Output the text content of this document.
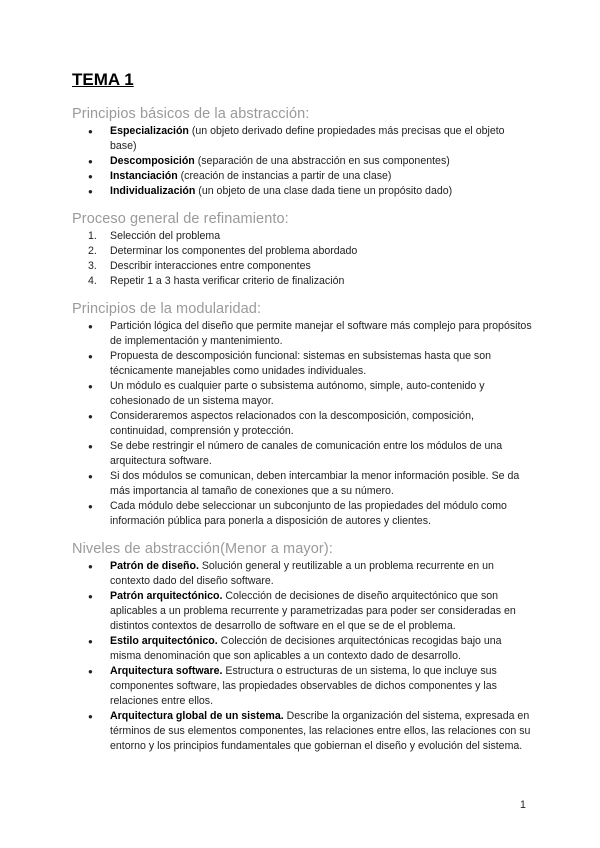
TEMA 1
Principios básicos de la abstracción:
● Especialización (un objeto derivado define propiedades más precisas que el objeto base)
● Descomposición (separación de una abstracción en sus componentes)
● Instanciación (creación de instancias a partir de una clase)
● Individualización (un objeto de una clase dada tiene un propósito dado)
Proceso general de refinamiento:
1. Selección del problema
2. Determinar los componentes del problema abordado
3. Describir interacciones entre componentes
4. Repetir 1 a 3 hasta verificar criterio de finalización
Principios de la modularidad:
● Partición lógica del diseño que permite manejar el software más complejo para propósitos de implementación y mantenimiento.
● Propuesta de descomposición funcional: sistemas en subsistemas hasta que son técnicamente manejables como unidades individuales.
● Un módulo es cualquier parte o subsistema autónomo, simple, auto-contenido y cohesionado de un sistema mayor.
● Consideraremos aspectos relacionados con la descomposición, composición, continuidad, comprensión y protección.
● Se debe restringir el número de canales de comunicación entre los módulos de una arquitectura software.
● Si dos módulos se comunican, deben intercambiar la menor información posible. Se da más importancia al tamaño de conexiones que a su número.
● Cada módulo debe seleccionar un subconjunto de las propiedades del módulo como información pública para ponerla a disposición de autores y clientes.
Niveles de abstracción(Menor a mayor):
● Patrón de diseño. Solución general y reutilizable a un problema recurrente en un contexto dado del diseño software.
● Patrón arquitectónico. Colección de decisiones de diseño arquitectónico que son aplicables a un problema recurrente y parametrizadas para poder ser consideradas en distintos contextos de desarrollo de software en el que se de el problema.
● Estilo arquitectónico. Colección de decisiones arquitectónicas recogidas bajo una misma denominación que son aplicables a un contexto dado de desarrollo.
● Arquitectura software. Estructura o estructuras de un sistema, lo que incluye sus componentes software, las propiedades observables de dichos componentes y las relaciones entre ellos.
● Arquitectura global de un sistema. Describe la organización del sistema, expresada en términos de sus elementos componentes, las relaciones entre ellos, las relaciones con su entorno y los principios fundamentales que gobiernan el diseño y evolución del sistema.
1
